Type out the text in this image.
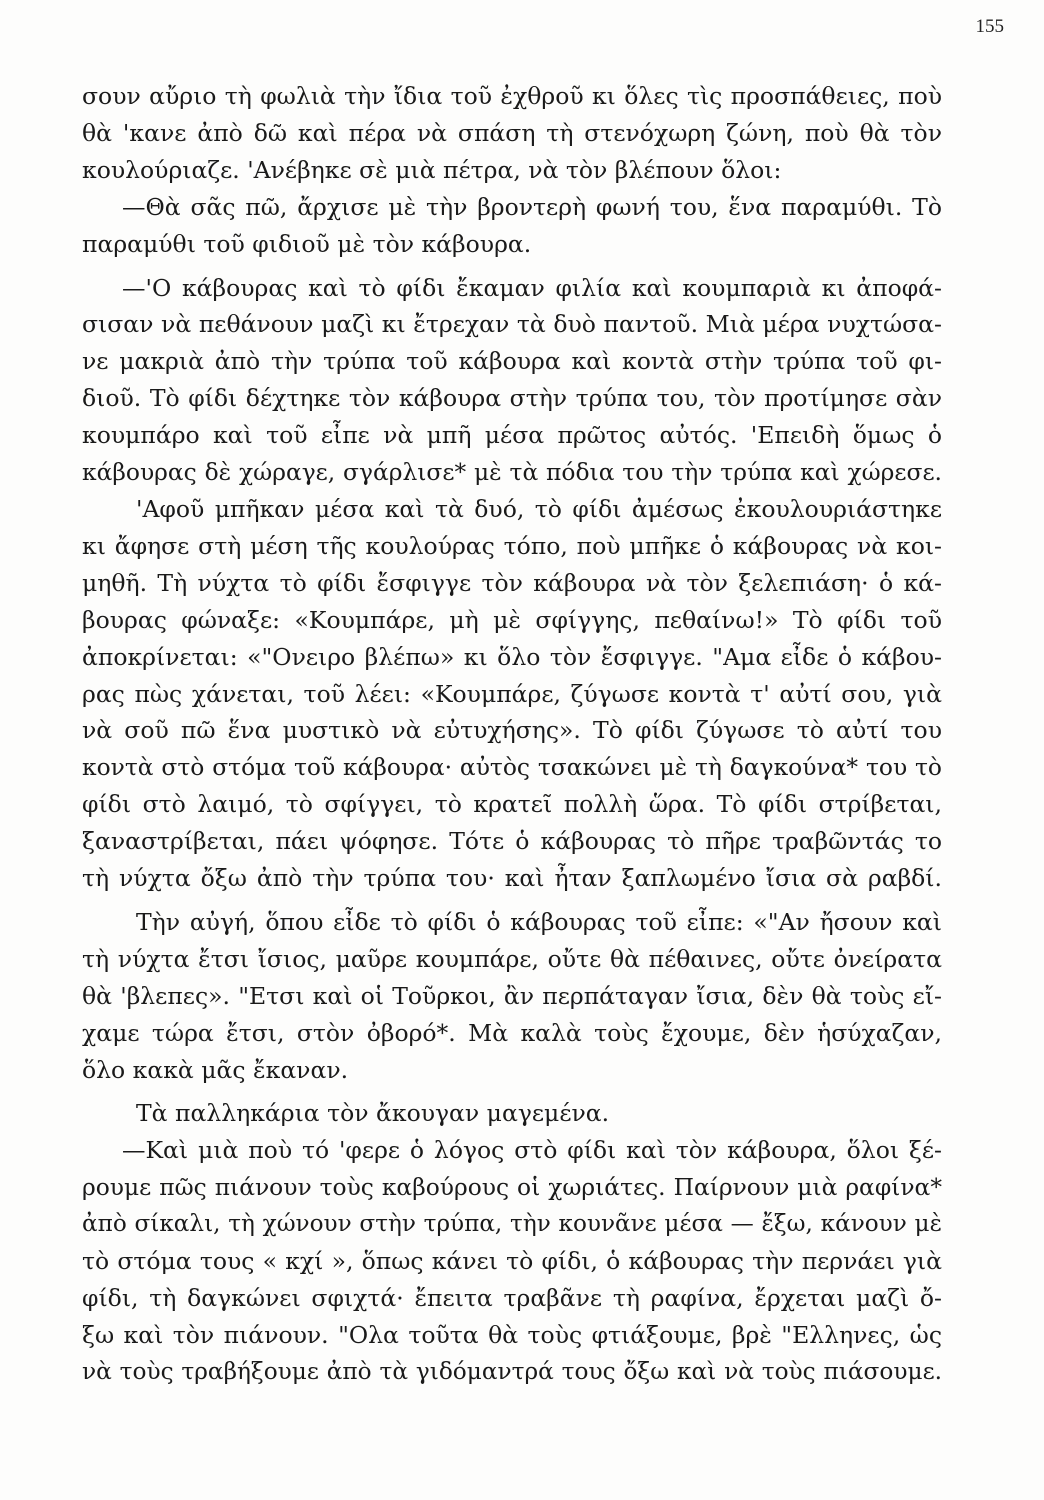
155
σουν αὔριο τὴ φωλιὰ τὴν ἴδια τοῦ ἐχθροῦ κι ὅλες τὶς προσπάθειες, ποὺ
θὰ 'κανε ἀπὸ δῶ καὶ πέρα νὰ σπάση τὴ στενόχωρη ζώνη, ποὺ θὰ τὸν
κουλούριαζε. 'Ανέβηκε σὲ μιὰ πέτρα, νὰ τὸν βλέπουν ὅλοι:
—Θὰ σᾶς πῶ, ἄρχισε μὲ τὴν βροντερὴ φωνή του, ἕνα παραμύθι. Τὸ
παραμύθι τοῦ φιδιοῦ μὲ τὸν κάβουρα.
—'Ο κάβουρας καὶ τὸ φίδι ἔκαμαν φιλία καὶ κουμπαριὰ κι ἀποφά-
σισαν νὰ πεθάνουν μαζὶ κι ἔτρεχαν τὰ δυὸ παντοῦ. Μιὰ μέρα νυχτώσα-
νε μακριὰ ἀπὸ τὴν τρύπα τοῦ κάβουρα καὶ κοντὰ στὴν τρύπα τοῦ φι-
διοῦ. Τὸ φίδι δέχτηκε τὸν κάβουρα στὴν τρύπα του, τὸν προτίμησε σὰν
κουμπάρο καὶ τοῦ εἶπε νὰ μπῆ μέσα πρῶτος αὐτός. 'Επειδὴ ὅμως ὁ
κάβουρας δὲ χώραγε, σγάρλισε* μὲ τὰ πόδια του τὴν τρύπα καὶ χώρεσε.
'Αφοῦ μπῆκαν μέσα καὶ τὰ δυό, τὸ φίδι ἀμέσως ἐκουλουριάστηκε
κι ἄφησε στὴ μέση τῆς κουλούρας τόπο, ποὺ μπῆκε ὁ κάβουρας νὰ κοι-
μηθῆ. Τὴ νύχτα τὸ φίδι ἔσφιγγε τὸν κάβουρα νὰ τὸν ξελεπιάση· ὁ κά-
βουρας φώναξε: «Κουμπάρε, μὴ μὲ σφίγγης, πεθαίνω!» Τὸ φίδι τοῦ
ἀποκρίνεται: «"Ονειρο βλέπω» κι ὅλο τὸν ἔσφιγγε. "Αμα εἶδε ὁ κάβου-
ρας πὼς χάνεται, τοῦ λέει: «Κουμπάρε, ζύγωσε κοντὰ τ' αὐτί σου, γιὰ
νὰ σοῦ πῶ ἕνα μυστικὸ νὰ εὐτυχήσης». Τὸ φίδι ζύγωσε τὸ αὐτί του
κοντὰ στὸ στόμα τοῦ κάβουρα· αὐτὸς τσακώνει μὲ τὴ δαγκούνα* του τὸ
φίδι στὸ λαιμό, τὸ σφίγγει, τὸ κρατεῖ πολλὴ ὥρα. Τὸ φίδι στρίβεται,
ξαναστρίβεται, πάει ψόφησε. Τότε ὁ κάβουρας τὸ πῆρε τραβῶντάς το
τὴ νύχτα ὄξω ἀπὸ τὴν τρύπα του· καὶ ἦταν ξαπλωμένο ἴσια σὰ ραβδί.
Τὴν αὐγή, ὅπου εἶδε τὸ φίδι ὁ κάβουρας τοῦ εἶπε: «"Αν ἤσουν καὶ
τὴ νύχτα ἔτσι ἴσιος, μαῦρε κουμπάρε, οὔτε θὰ πέθαινες, οὔτε ὀνείρατα
θὰ 'βλεπες». "Ετσι καὶ οἱ Τοῦρκοι, ἂν περπάταγαν ἴσια, δὲν θὰ τοὺς εἴ-
χαμε τώρα ἔτσι, στὸν ὀβορό*. Μὰ καλὰ τοὺς ἔχουμε, δὲν ἡσύχαζαν,
ὅλο κακὰ μᾶς ἔκαναν.
Τὰ παλληκάρια τὸν ἄκουγαν μαγεμένα.
—Καὶ μιὰ ποὺ τό 'φερε ὁ λόγος στὸ φίδι καὶ τὸν κάβουρα, ὅλοι ξέ-
ρουμε πῶς πιάνουν τοὺς καβούρους οἱ χωριάτες. Παίρνουν μιὰ ραφίνα*
ἀπὸ σίκαλι, τὴ χώνουν στὴν τρύπα, τὴν κουνᾶνε μέσα — ἔξω, κάνουν μὲ
τὸ στόμα τους « κχί », ὅπως κάνει τὸ φίδι, ὁ κάβουρας τὴν περνάει γιὰ
φίδι, τὴ δαγκώνει σφιχτά· ἔπειτα τραβᾶνε τὴ ραφίνα, ἔρχεται μαζὶ ὄ-
ξω καὶ τὸν πιάνουν. "Ολα τοῦτα θὰ τοὺς φτιάξουμε, βρὲ "Ελληνες, ὡς
νὰ τοὺς τραβήξουμε ἀπὸ τὰ γιδόμαντρά τους ὄξω καὶ νὰ τοὺς πιάσουμε.
